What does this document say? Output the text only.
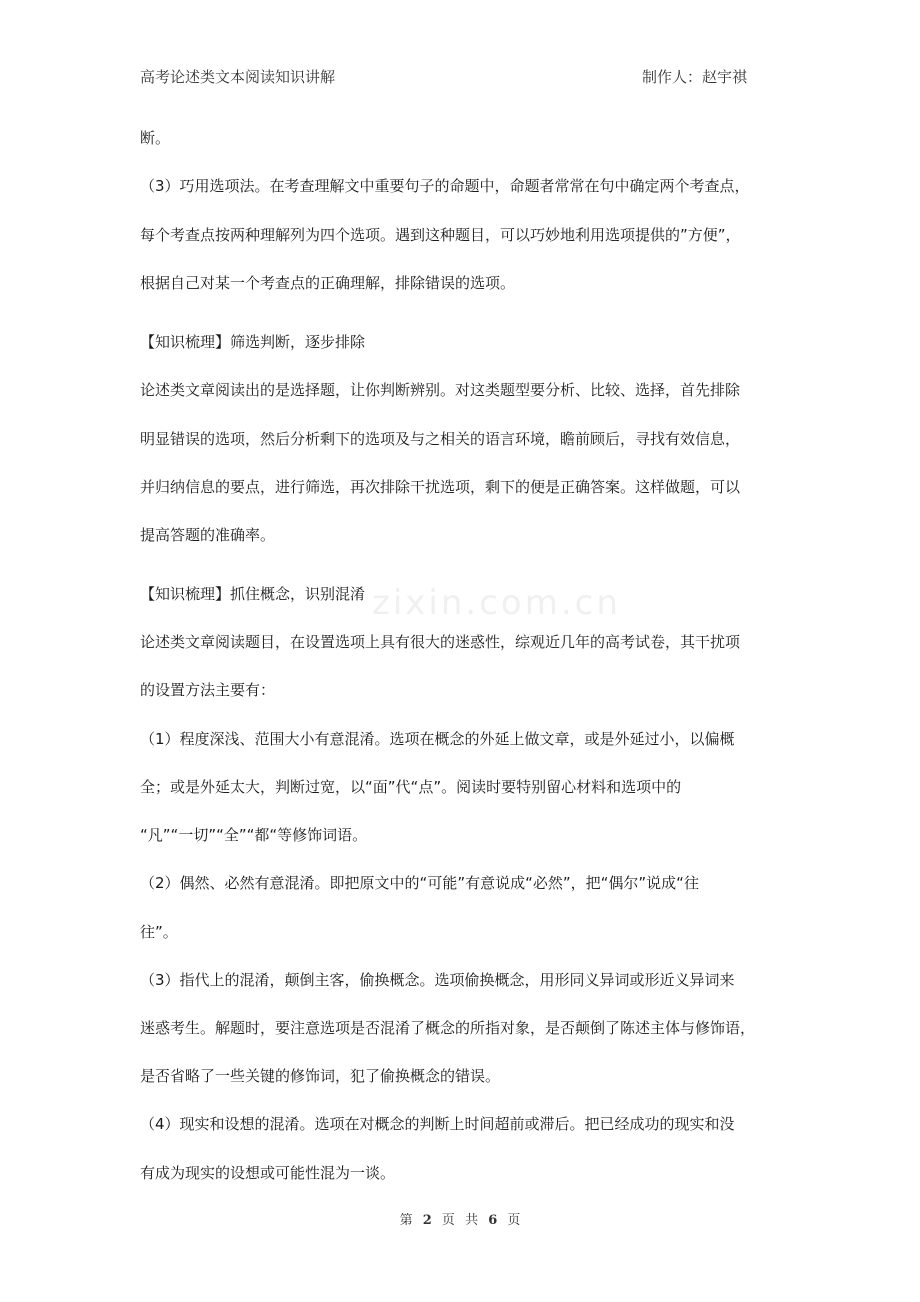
高考论述类文本阅读知识讲解	制作人：赵宇祺
zixin.com.cn
断。
（3）巧用选项法。在考查理解文中重要句子的命题中，命题者常常在句中确定两个考查点，
每个考查点按两种理解列为四个选项。遇到这种题目，可以巧妙地利用选项提供的”方便”，
根据自己对某一个考查点的正确理解，排除错误的选项。
【知识梳理】筛选判断，逐步排除
论述类文章阅读出的是选择题，让你判断辨别。对这类题型要分析、比较、选择，首先排除
明显错误的选项，然后分析剩下的选项及与之相关的语言环境，瞻前顾后，寻找有效信息，
并归纳信息的要点，进行筛选，再次排除干扰选项，剩下的便是正确答案。这样做题，可以
提高答题的准确率。
【知识梳理】抓住概念，识别混淆
论述类文章阅读题目，在设置选项上具有很大的迷惑性，综观近几年的高考试卷，其干扰项
的设置方法主要有：
（1）程度深浅、范围大小有意混淆。选项在概念的外延上做文章，或是外延过小，以偏概
全；或是外延太大，判断过宽，以“面”代“点”。阅读时要特别留心材料和选项中的
“凡”“一切”“全”“都“等修饰词语。
（2）偶然、必然有意混淆。即把原文中的“可能”有意说成“必然”，把“偶尔”说成“往
往”。
（3）指代上的混淆，颠倒主客，偷换概念。选项偷换概念，用形同义异词或形近义异词来
迷惑考生。解题时，要注意选项是否混淆了概念的所指对象，是否颠倒了陈述主体与修饰语，
是否省略了一些关键的修饰词，犯了偷换概念的错误。
（4）现实和设想的混淆。选项在对概念的判断上时间超前或滞后。把已经成功的现实和没
有成为现实的设想或可能性混为一谈。
第 2 页 共 6 页
